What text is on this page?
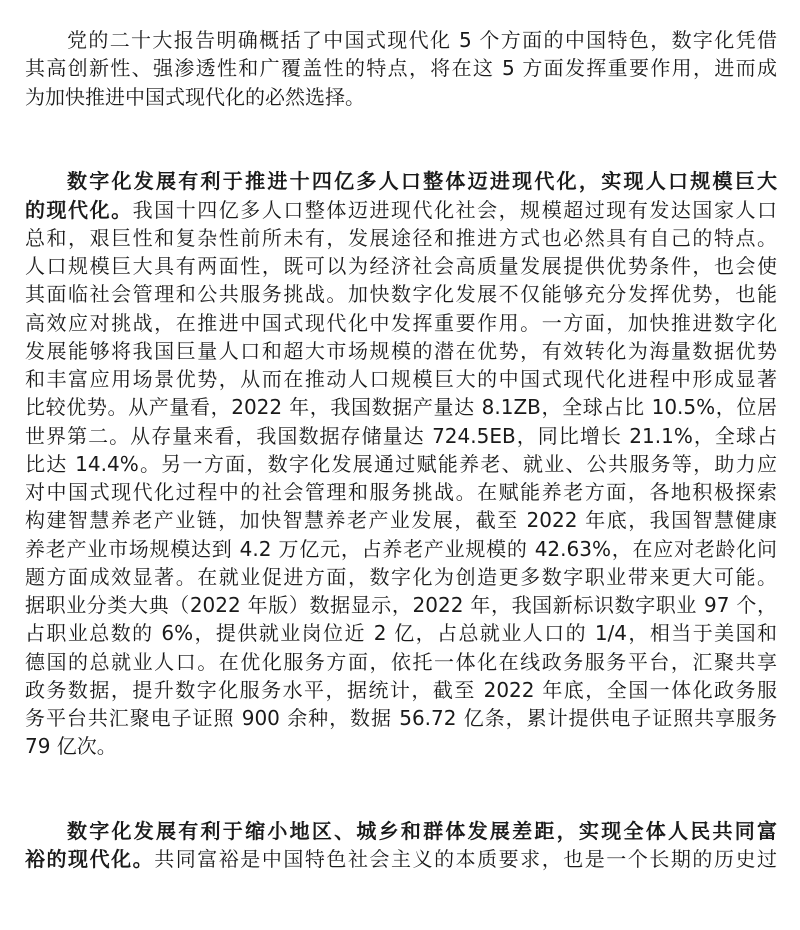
党的二十大报告明确概括了中国式现代化 5 个方面的中国特色，数字化凭借
其高创新性、强渗透性和广覆盖性的特点，将在这 5 方面发挥重要作用，进而成
为加快推进中国式现代化的必然选择。
数字化发展有利于推进十四亿多人口整体迈进现代化，实现人口规模巨大
的现代化。我国十四亿多人口整体迈进现代化社会，规模超过现有发达国家人口
总和，艰巨性和复杂性前所未有，发展途径和推进方式也必然具有自己的特点。
人口规模巨大具有两面性，既可以为经济社会高质量发展提供优势条件，也会使
其面临社会管理和公共服务挑战。加快数字化发展不仅能够充分发挥优势，也能
高效应对挑战，在推进中国式现代化中发挥重要作用。一方面，加快推进数字化
发展能够将我国巨量人口和超大市场规模的潜在优势，有效转化为海量数据优势
和丰富应用场景优势，从而在推动人口规模巨大的中国式现代化进程中形成显著
比较优势。从产量看，2022 年，我国数据产量达 8.1ZB，全球占比 10.5%，位居
世界第二。从存量来看，我国数据存储量达 724.5EB，同比增长 21.1%，全球占
比达 14.4%。另一方面，数字化发展通过赋能养老、就业、公共服务等，助力应
对中国式现代化过程中的社会管理和服务挑战。在赋能养老方面，各地积极探索
构建智慧养老产业链，加快智慧养老产业发展，截至 2022 年底，我国智慧健康
养老产业市场规模达到 4.2 万亿元，占养老产业规模的 42.63%，在应对老龄化问
题方面成效显著。在就业促进方面，数字化为创造更多数字职业带来更大可能。
据职业分类大典（2022 年版）数据显示，2022 年，我国新标识数字职业 97 个，
占职业总数的 6%，提供就业岗位近 2 亿，占总就业人口的 1/4，相当于美国和
德国的总就业人口。在优化服务方面，依托一体化在线政务服务平台，汇聚共享
政务数据，提升数字化服务水平，据统计，截至 2022 年底，全国一体化政务服
务平台共汇聚电子证照 900 余种，数据 56.72 亿条，累计提供电子证照共享服务
79 亿次。
数字化发展有利于缩小地区、城乡和群体发展差距，实现全体人民共同富
裕的现代化。共同富裕是中国特色社会主义的本质要求，也是一个长期的历史过
